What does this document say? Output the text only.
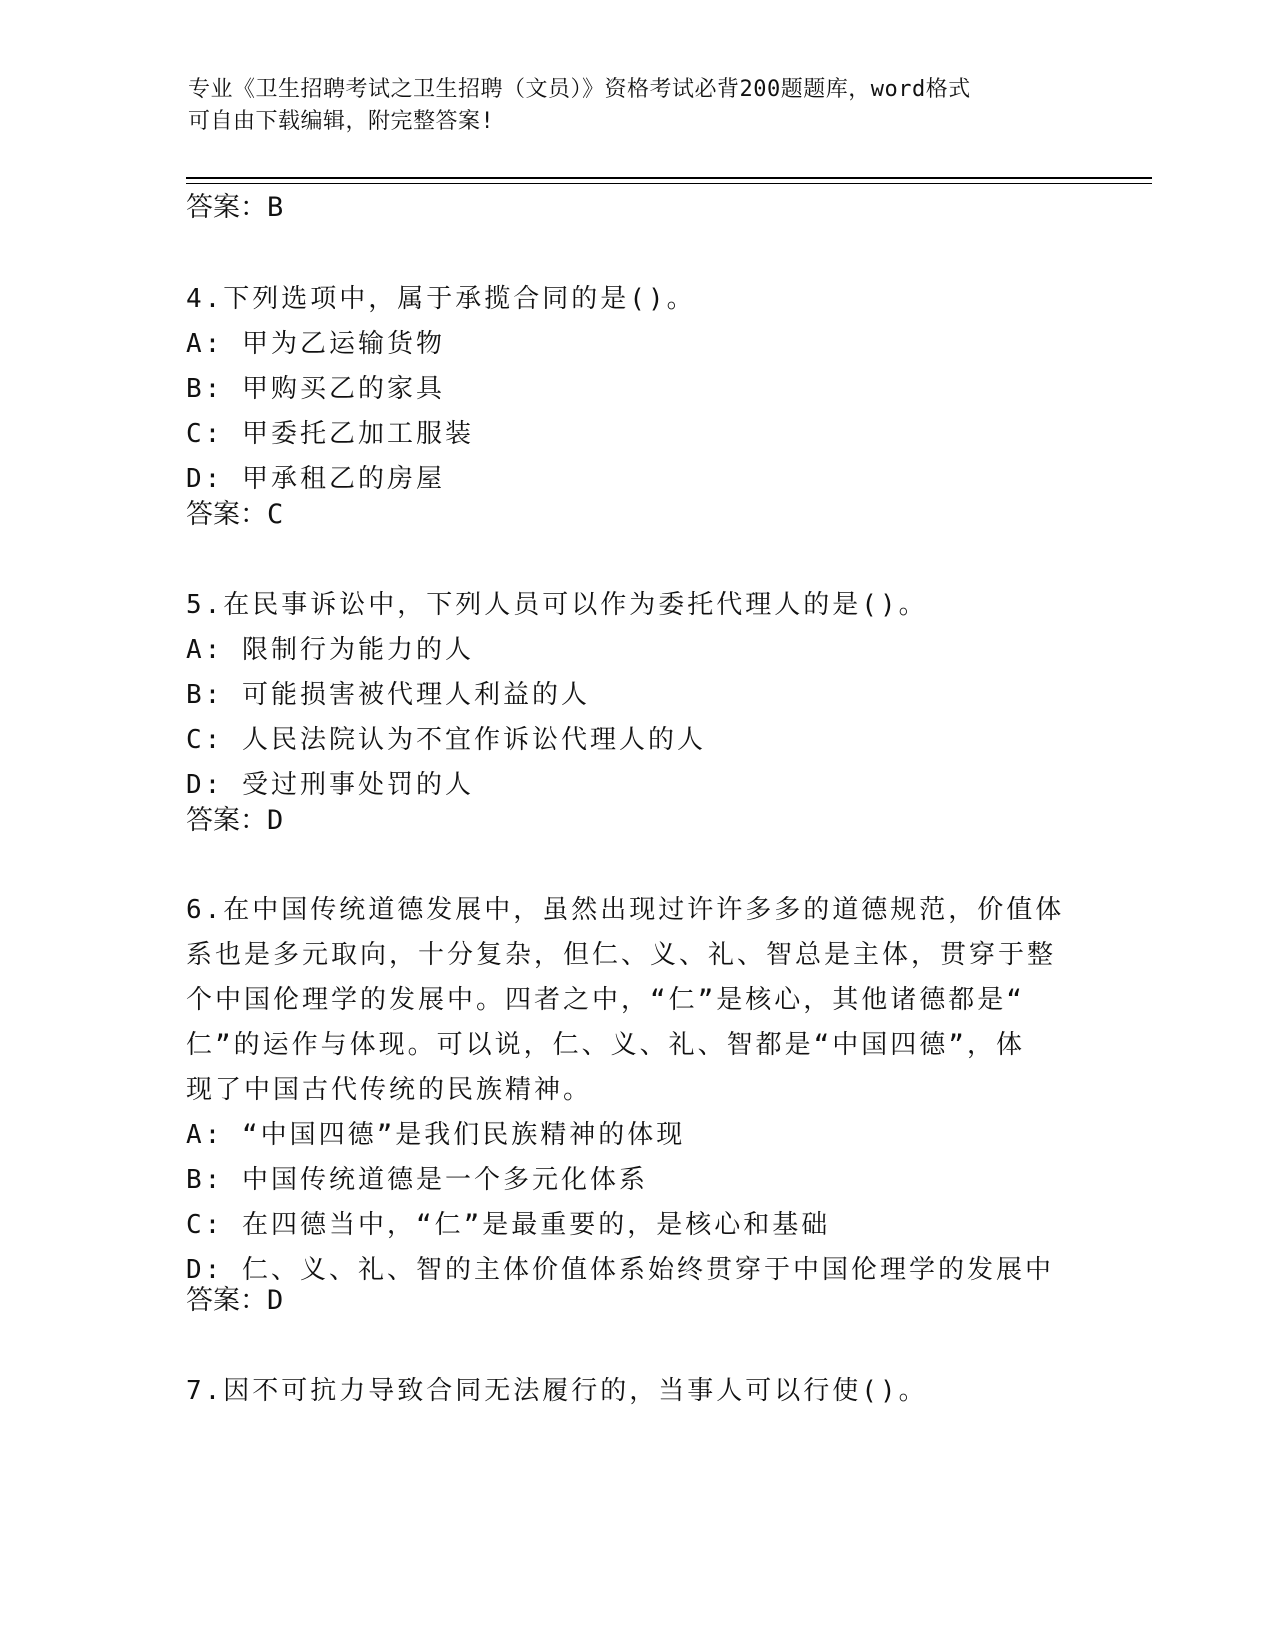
专业《卫生招聘考试之卫生招聘（文员）》资格考试必背200题题库，word格式

可自由下载编辑，附完整答案!

答案：B

4.下列选项中，属于承揽合同的是()。

A: 甲为乙运输货物

B: 甲购买乙的家具

C: 甲委托乙加工服装

D: 甲承租乙的房屋

答案：C

5.在民事诉讼中，下列人员可以作为委托代理人的是()。

A: 限制行为能力的人

B: 可能损害被代理人利益的人

C: 人民法院认为不宜作诉讼代理人的人

D: 受过刑事处罚的人

答案：D

6.在中国传统道德发展中，虽然出现过许许多多的道德规范，价值体

系也是多元取向，十分复杂，但仁、义、礼、智总是主体，贯穿于整

个中国伦理学的发展中。四者之中，“仁”是核心，其他诸德都是“

仁”的运作与体现。可以说，仁、义、礼、智都是“中国四德”，体

现了中国古代传统的民族精神。

A: “中国四德”是我们民族精神的体现

B: 中国传统道德是一个多元化体系

C: 在四德当中，“仁”是最重要的，是核心和基础

D: 仁、义、礼、智的主体价值体系始终贯穿于中国伦理学的发展中

答案：D

7.因不可抗力导致合同无法履行的，当事人可以行使()。
